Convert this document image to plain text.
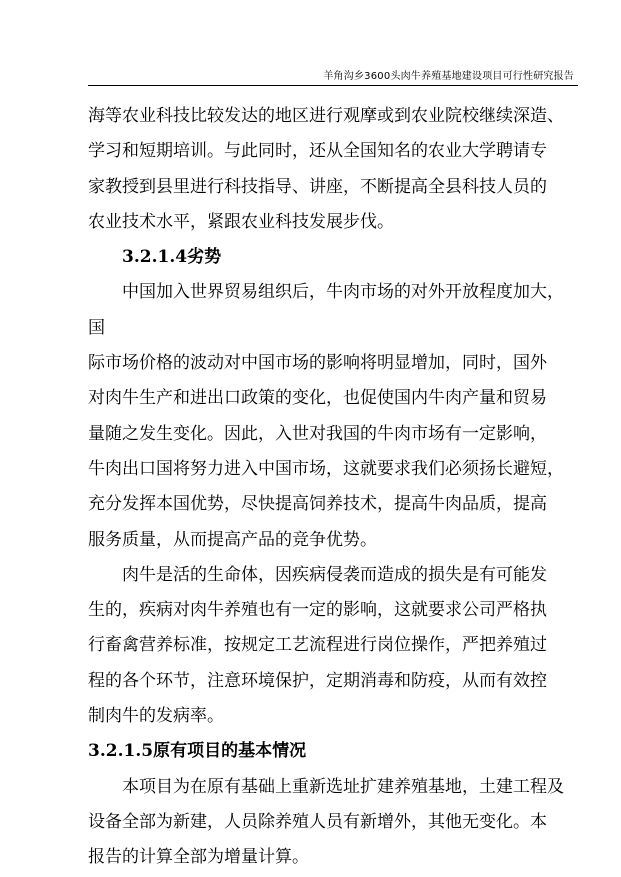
羊角沟乡3600头肉牛养殖基地建设项目可行性研究报告
海等农业科技比较发达的地区进行观摩或到农业院校继续深造、
学习和短期培训。与此同时，还从全国知名的农业大学聘请专
家教授到县里进行科技指导、讲座，不断提高全县科技人员的
农业技术水平，紧跟农业科技发展步伐。
3.2.1.4劣势
中国加入世界贸易组织后，牛肉市场的对外开放程度加大，
国
际市场价格的波动对中国市场的影响将明显增加，同时，国外
对肉牛生产和进出口政策的变化，也促使国内牛肉产量和贸易
量随之发生变化。因此，入世对我国的牛肉市场有一定影响，
牛肉出口国将努力进入中国市场，这就要求我们必须扬长避短，
充分发挥本国优势，尽快提高饲养技术，提高牛肉品质，提高
服务质量，从而提高产品的竞争优势。
肉牛是活的生命体，因疾病侵袭而造成的损失是有可能发
生的，疾病对肉牛养殖也有一定的影响，这就要求公司严格执
行畜禽营养标准，按规定工艺流程进行岗位操作，严把养殖过
程的各个环节，注意环境保护，定期消毒和防疫，从而有效控
制肉牛的发病率。
3.2.1.5原有项目的基本情况
本项目为在原有基础上重新选址扩建养殖基地，土建工程及
设备全部为新建，人员除养殖人员有新增外，其他无变化。本
报告的计算全部为增量计算。
